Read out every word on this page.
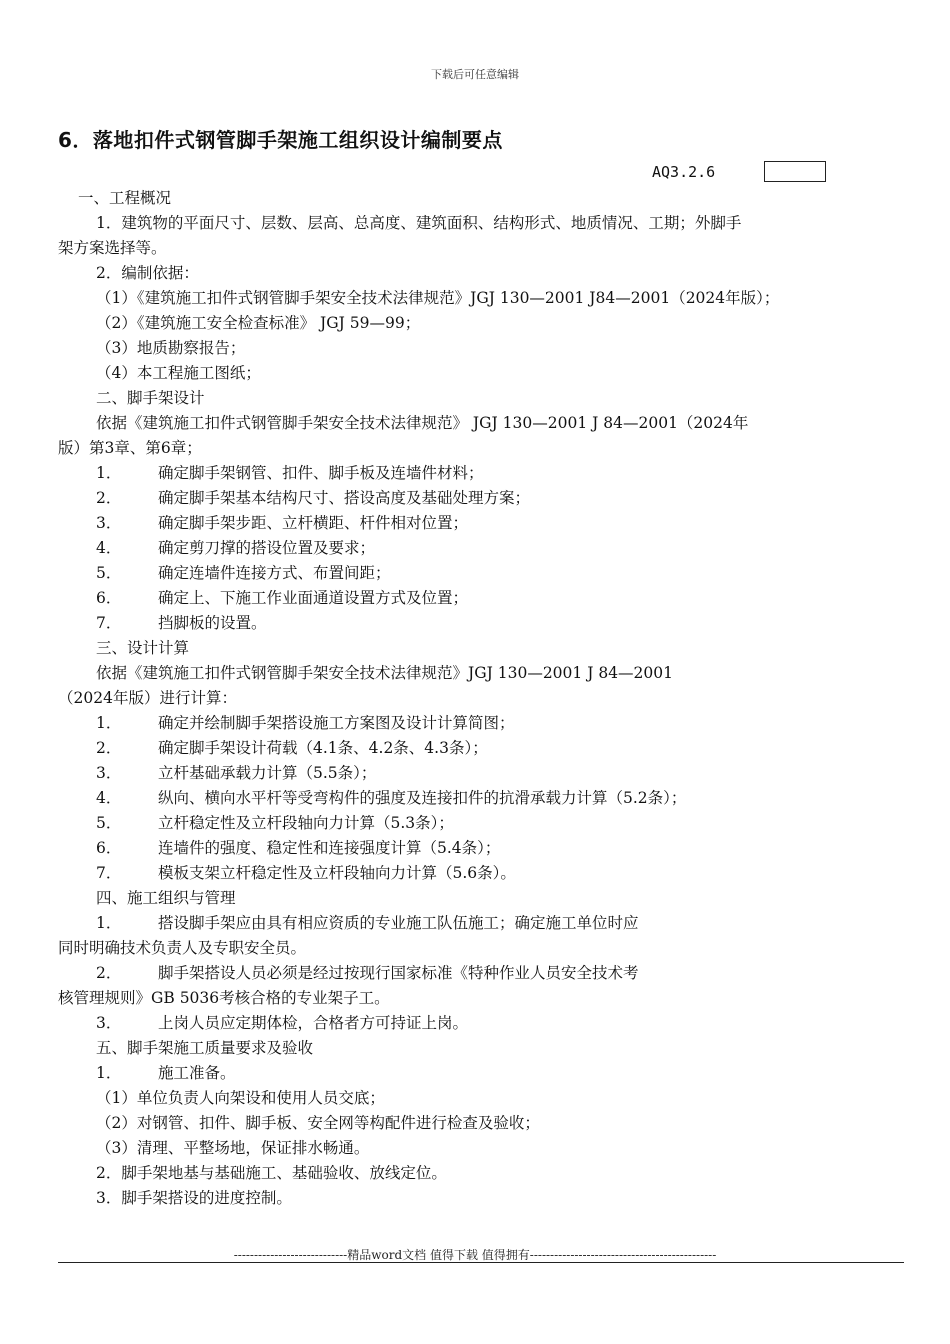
下载后可任意编辑
6．落地扣件式钢管脚手架施工组织设计编制要点
AQ3.2.6
一、工程概况
1．建筑物的平面尺寸、层数、层高、总高度、建筑面积、结构形式、地质情况、工期；外脚手
架方案选择等。
2．编制依据：
（1）《建筑施工扣件式钢管脚手架安全技术法律规范》JGJ 130—2001 J84—2001（2024年版）；
（2）《建筑施工安全检查标准》 JGJ 59—99；
（3）地质勘察报告；
（4）本工程施工图纸；
二、脚手架设计
依据《建筑施工扣件式钢管脚手架安全技术法律规范》 JGJ 130—2001 J 84—2001（2024年
版）第3章、第6章；
1． 确定脚手架钢管、扣件、脚手板及连墙件材料；
2． 确定脚手架基本结构尺寸、搭设高度及基础处理方案；
3． 确定脚手架步距、立杆横距、杆件相对位置；
4． 确定剪刀撑的搭设位置及要求；
5． 确定连墙件连接方式、布置间距；
6． 确定上、下施工作业面通道设置方式及位置；
7． 挡脚板的设置。
三、设计计算
依据《建筑施工扣件式钢管脚手架安全技术法律规范》JGJ 130—2001 J 84—2001
（2024年版）进行计算：
1． 确定并绘制脚手架搭设施工方案图及设计计算简图；
2． 确定脚手架设计荷载（4.1条、4.2条、4.3条）；
3． 立杆基础承载力计算（5.5条）；
4． 纵向、横向水平杆等受弯构件的强度及连接扣件的抗滑承载力计算（5.2条）；
5． 立杆稳定性及立杆段轴向力计算（5.3条）；
6． 连墙件的强度、稳定性和连接强度计算（5.4条）；
7． 模板支架立杆稳定性及立杆段轴向力计算（5.6条）。
四、施工组织与管理
1． 搭设脚手架应由具有相应资质的专业施工队伍施工；确定施工单位时应
同时明确技术负责人及专职安全员。
2． 脚手架搭设人员必须是经过按现行国家标准《特种作业人员安全技术考
核管理规则》GB 5036考核合格的专业架子工。
3． 上岗人员应定期体检，合格者方可持证上岗。
五、脚手架施工质量要求及验收
1． 施工准备。
（1）单位负责人向架设和使用人员交底；
（2）对钢管、扣件、脚手板、安全网等构配件进行检查及验收；
（3）清理、平整场地，保证排水畅通。
2．脚手架地基与基础施工、基础验收、放线定位。
3．脚手架搭设的进度控制。
----------------------------精品word文档 值得下载 值得拥有----------------------------------------------
